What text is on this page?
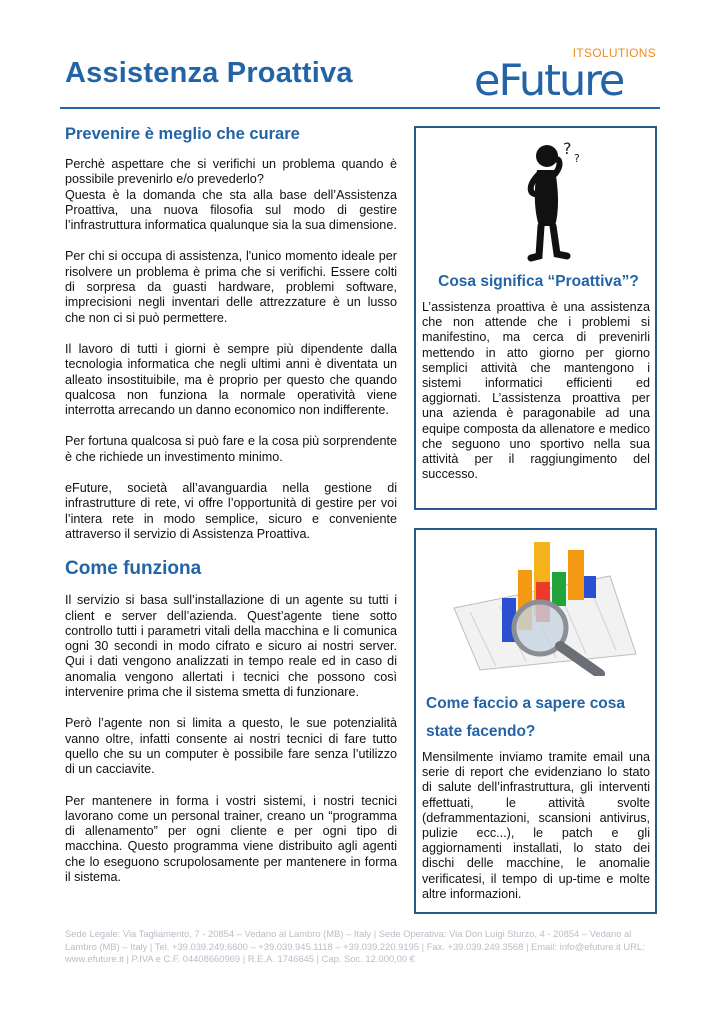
Assistenza Proattiva
ITSOLUTIONS
eFuture
Prevenire è meglio che curare

Perchè aspettare che si verifichi un problema quando è possibile prevenirlo e/o prevederlo?

Questa è la domanda che sta alla base dell’Assistenza Proattiva, una nuova filosofia sul modo di gestire l’infrastruttura informatica qualunque sia la sua dimensione.

Per chi si occupa di assistenza, l'unico momento ideale per risolvere un problema è prima che si verifichi. Essere colti di sorpresa da guasti hardware, problemi software, imprecisioni negli inventari delle attrezzature è un lusso che non ci si può permettere.

Il lavoro di tutti i giorni è sempre più dipendente dalla tecnologia informatica che negli ultimi anni è diventata un alleato insostituibile, ma è proprio per questo che quando qualcosa non funziona la normale operatività viene interrotta arrecando un danno economico non indifferente.

Per fortuna qualcosa si può fare e la cosa più sorprendente è che richiede un investimento minimo.

eFuture, società all’avanguardia nella gestione di infrastrutture di rete, vi offre l’opportunità di gestire per voi l’intera rete in modo semplice, sicuro e conveniente attraverso il servizio di Assistenza Proattiva.

Come funziona

Il servizio si basa sull’installazione di un agente su tutti i client e server dell’azienda. Quest’agente tiene sotto controllo tutti i parametri vitali della macchina e li comunica ogni 30 secondi in modo cifrato e sicuro ai nostri server. Qui i dati vengono analizzati in tempo reale ed in caso di anomalia vengono allertati i tecnici che possono così intervenire prima che il sistema smetta di funzionare.

Però l’agente non si limita a questo, le sue potenzialità vanno oltre, infatti consente ai nostri tecnici di fare tutto quello che su un computer è possibile fare senza l’utilizzo di un cacciavite.

Per mantenere in forma i vostri sistemi, i nostri tecnici lavorano come un personal trainer, creano un “programma di allenamento” per ogni cliente e per ogni tipo di macchina. Questo programma viene distribuito agli agenti che lo eseguono scrupolosamente per mantenere in forma il sistema.

?
?
Cosa significa “Proattiva”?

L’assistenza proattiva è una assistenza che non attende che i problemi si manifestino, ma cerca di prevenirli mettendo in atto giorno per giorno semplici attività che mantengono i sistemi informatici efficienti ed aggiornati. L’assistenza proattiva per una azienda è paragonabile ad una equipe composta da allenatore e medico che seguono uno sportivo nella sua attività per il raggiungimento del successo.

Come faccio a sapere cosa
state facendo?

Mensilmente inviamo tramite email una serie di report che evidenziano lo stato di salute dell’infrastruttura, gli interventi effettuati, le attività svolte (deframmentazioni, scansioni antivirus, pulizie ecc...), le patch e gli aggiornamenti installati, lo stato dei dischi delle macchine, le anomalie verificatesi, il tempo di up-time e molte altre informazioni.

Sede Legale: Via Tagliamento, 7 - 20854 – Vedano al Lambro (MB) – Italy | Sede Operativa: Via Don Luigi Sturzo, 4 - 20854 – Vedano al Lambro (MB) – Italy | Tel. +39.039.249.6600 – +39.039.945.1118 – +39.039.220.9195 | Fax. +39.039.249.3568 | Email: info@efuture.it URL: www.efuture.it | P.IVA e C.F. 04408660969 | R.E.A. 1746645 | Cap. Soc. 12.000,00 €
